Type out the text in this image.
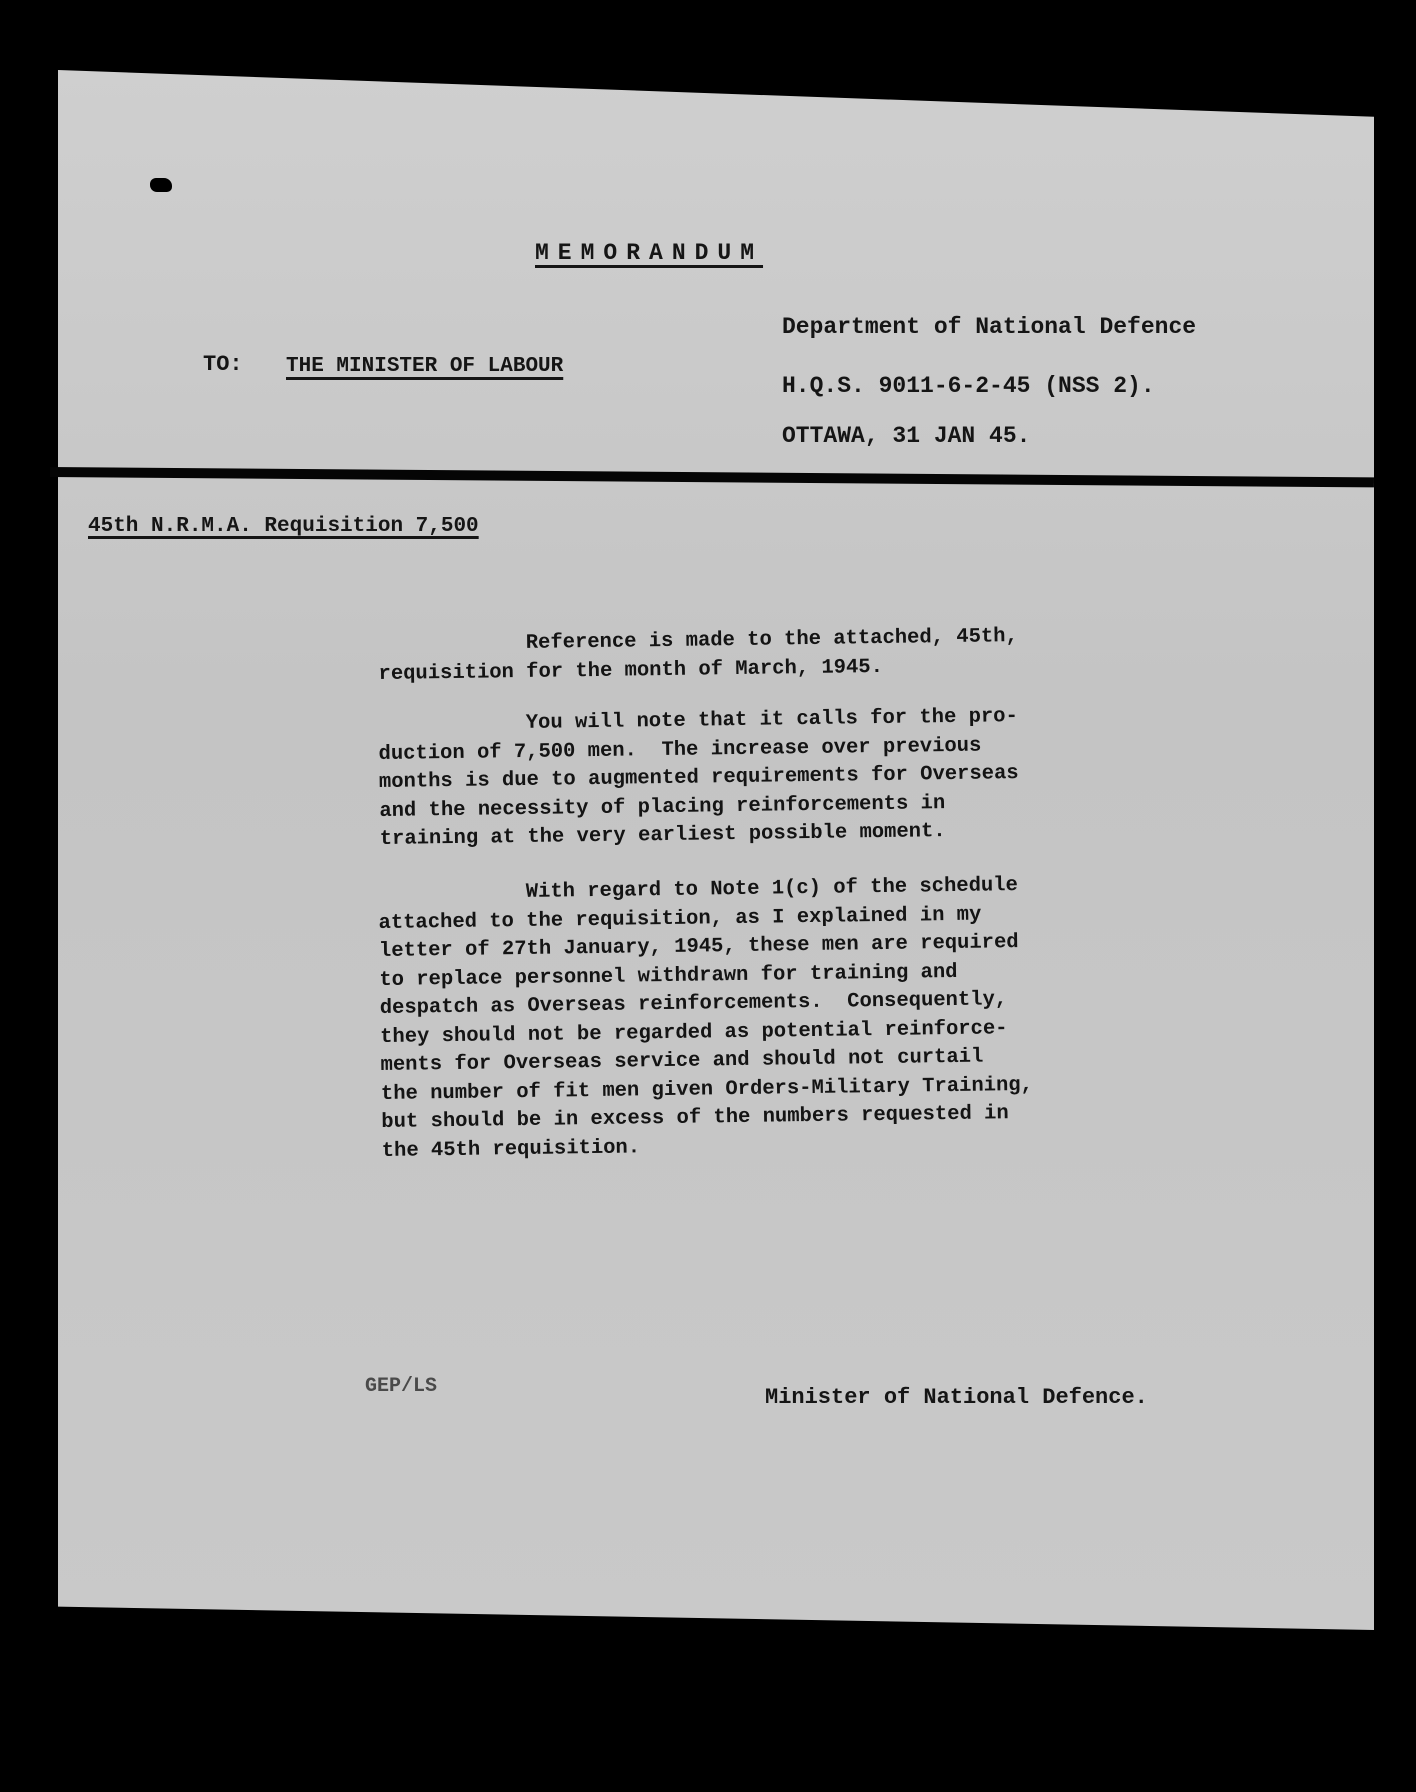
MEMORANDUM
TO: THE MINISTER OF LABOUR
Department of National Defence
H.Q.S. 9011-6-2-45 (NSS 2).
OTTAWA, 31 JAN 45.
45th N.R.M.A. Requisition 7,500
Reference is made to the attached, 45th,
requisition for the month of March, 1945.
You will note that it calls for the pro-
duction of 7,500 men.  The increase over previous
months is due to augmented requirements for Overseas
and the necessity of placing reinforcements in
training at the very earliest possible moment.
With regard to Note 1(c) of the schedule
attached to the requisition, as I explained in my
letter of 27th January, 1945, these men are required
to replace personnel withdrawn for training and
despatch as Overseas reinforcements.  Consequently,
they should not be regarded as potential reinforce-
ments for Overseas service and should not curtail
the number of fit men given Orders-Military Training,
but should be in excess of the numbers requested in
the 45th requisition.
GEP/LS	Minister of National Defence.
